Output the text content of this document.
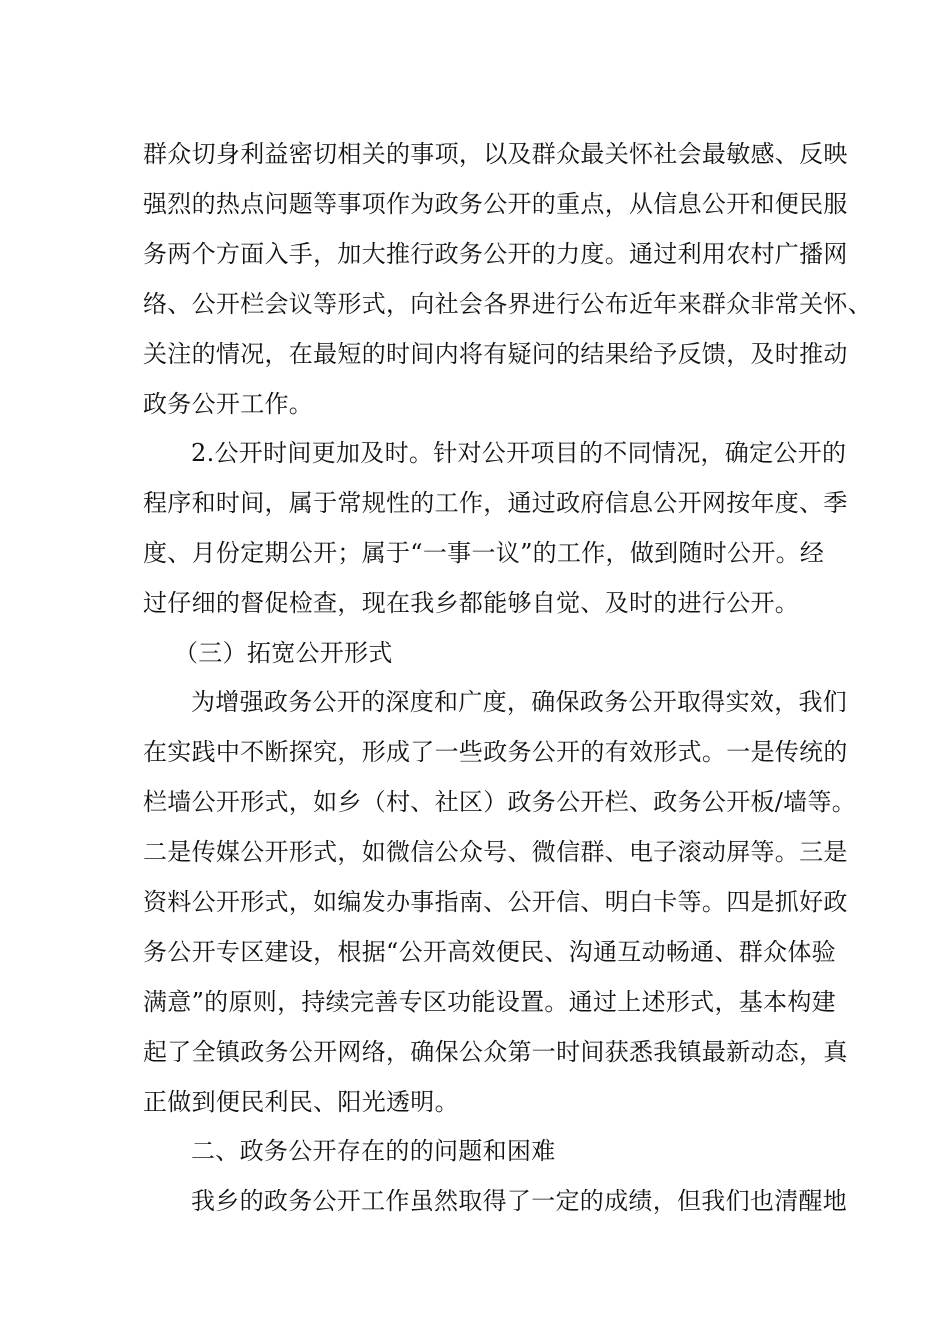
群众切身利益密切相关的事项，以及群众最关怀社会最敏感、反映
强烈的热点问题等事项作为政务公开的重点，从信息公开和便民服
务两个方面入手，加大推行政务公开的力度。通过利用农村广播网
络、公开栏会议等形式，向社会各界进行公布近年来群众非常关怀、
关注的情况，在最短的时间内将有疑问的结果给予反馈，及时推动
政务公开工作。
2.公开时间更加及时。针对公开项目的不同情况，确定公开的
程序和时间，属于常规性的工作，通过政府信息公开网按年度、季
度、月份定期公开；属于“一事一议”的工作，做到随时公开。经
过仔细的督促检查，现在我乡都能够自觉、及时的进行公开。
（三）拓宽公开形式
为增强政务公开的深度和广度，确保政务公开取得实效，我们
在实践中不断探究，形成了一些政务公开的有效形式。一是传统的
栏墙公开形式，如乡（村、社区）政务公开栏、政务公开板/墙等。
二是传媒公开形式，如微信公众号、微信群、电子滚动屏等。三是
资料公开形式，如编发办事指南、公开信、明白卡等。四是抓好政
务公开专区建设，根据“公开高效便民、沟通互动畅通、群众体验
满意”的原则，持续完善专区功能设置。通过上述形式，基本构建
起了全镇政务公开网络，确保公众第一时间获悉我镇最新动态，真
正做到便民利民、阳光透明。
二、政务公开存在的的问题和困难
我乡的政务公开工作虽然取得了一定的成绩，但我们也清醒地
